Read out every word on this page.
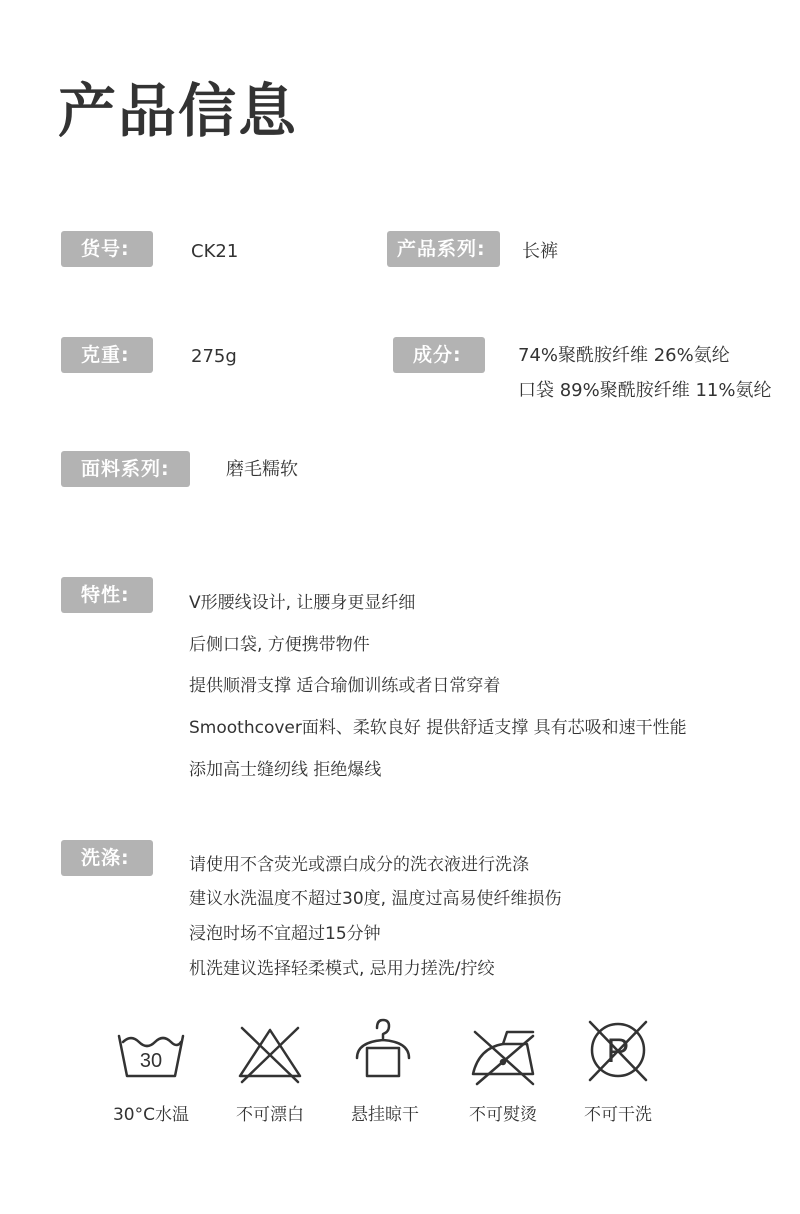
产品信息
货号:	CK21	产品系列:	长裤
克重:	275g	成分:	74%聚酰胺纤维 26%氨纶
口袋 89%聚酰胺纤维 11%氨纶
面料系列:	磨毛糯软
特性:	V形腰线设计, 让腰身更显纤细
后侧口袋, 方便携带物件
提供顺滑支撑 适合瑜伽训练或者日常穿着
Smoothcover面料、柔软良好 提供舒适支撑 具有芯吸和速干性能
添加高士缝纫线 拒绝爆线
洗涤:	请使用不含荧光或漂白成分的洗衣液进行洗涤
建议水洗温度不超过30度, 温度过高易使纤维损伤
浸泡时场不宜超过15分钟
机洗建议选择轻柔模式, 忌用力搓洗/拧绞
30	P
30°C水温	不可漂白	悬挂晾干	不可熨烫	不可干洗
